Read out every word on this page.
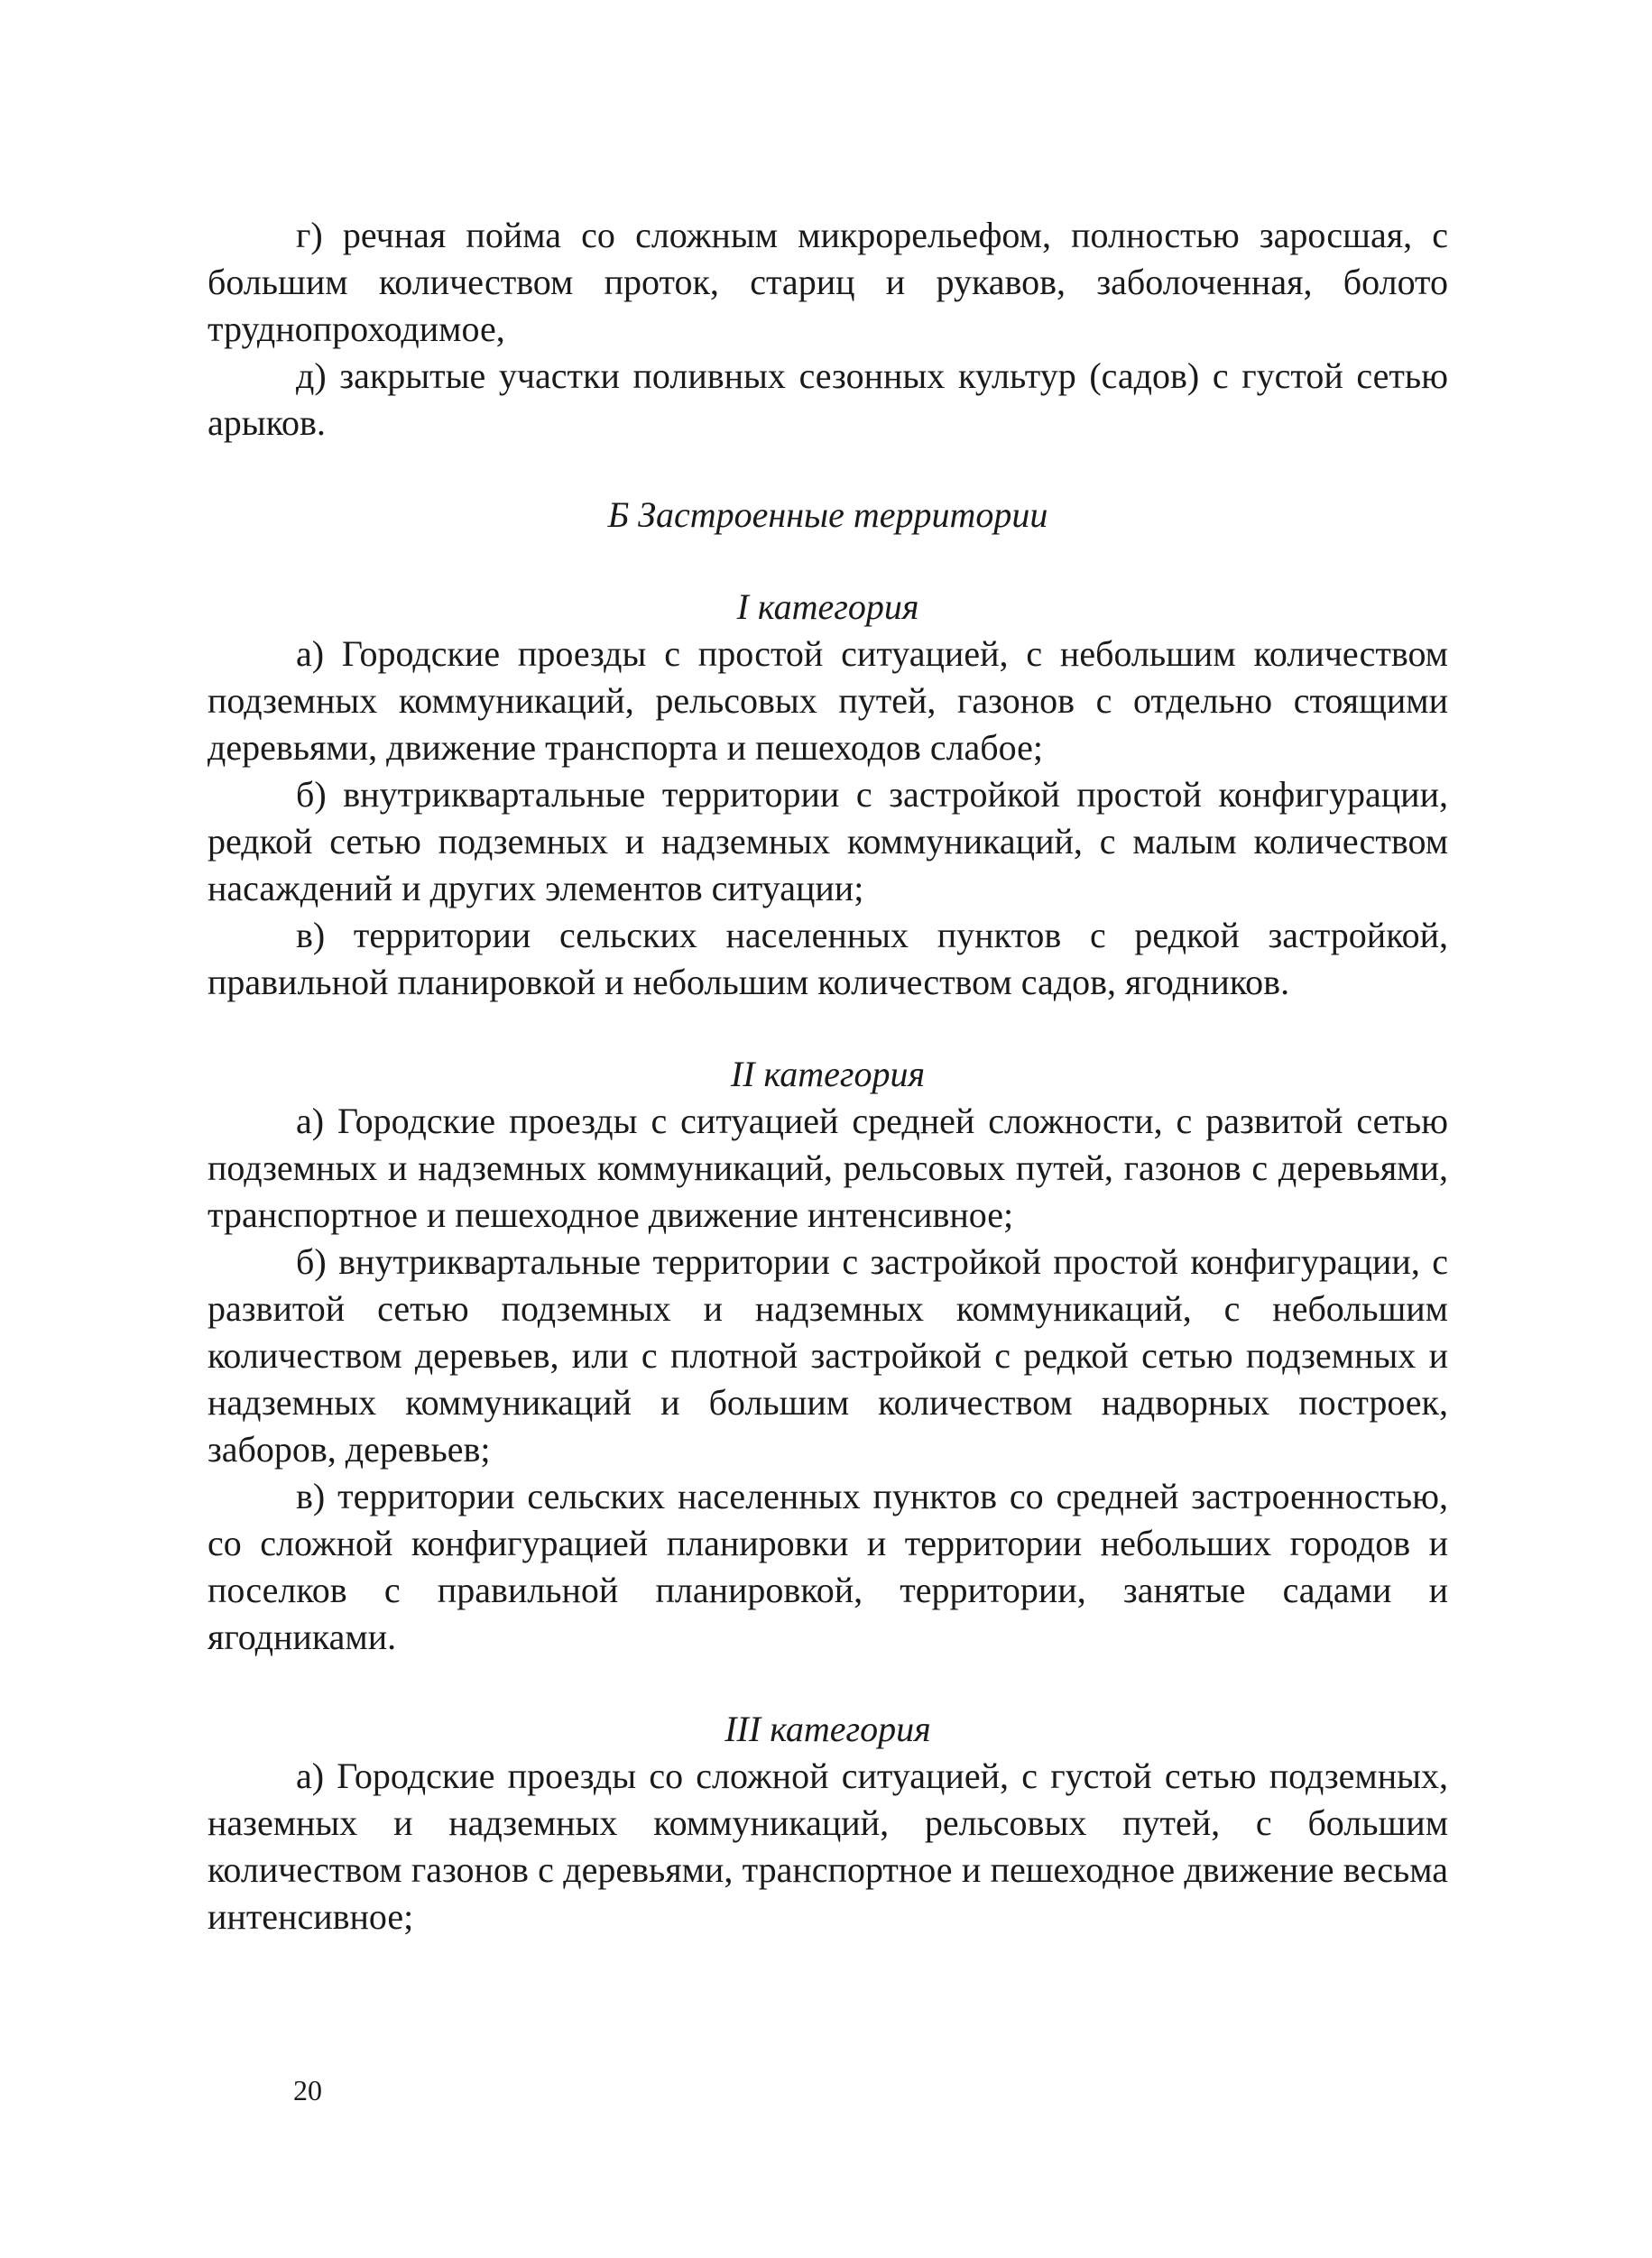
г) речная пойма со сложным микрорельефом, полностью заросшая, с большим количеством проток, стариц и рукавов, заболоченная, болото труднопроходимое,

д) закрытые участки поливных сезонных культур (садов) с густой сетью арыков.

Б Застроенные территории

I категория

а) Городские проезды с простой ситуацией, с небольшим количеством подземных коммуникаций, рельсовых путей, газонов с отдельно стоящими деревьями, движение транспорта и пешеходов слабое;

б) внутриквартальные территории с застройкой простой конфигурации, редкой сетью подземных и надземных коммуникаций, с малым количеством насаждений и других элементов ситуации;

в) территории сельских населенных пунктов с редкой застройкой, правильной планировкой и небольшим количеством садов, ягодников.

II категория

а) Городские проезды с ситуацией средней сложности, с развитой сетью подземных и надземных коммуникаций, рельсовых путей, газонов с деревьями, транспортное и пешеходное движение интенсивное;

б) внутриквартальные территории с застройкой простой конфигурации, с развитой сетью подземных и надземных коммуникаций, с небольшим количеством деревьев, или с плотной застройкой с редкой сетью подземных и надземных коммуникаций и большим количеством надворных построек, заборов, деревьев;

в) территории сельских населенных пунктов со средней застроенностью, со сложной конфигурацией планировки и территории небольших городов и поселков с правильной планировкой, территории, занятые садами и ягодниками.

III категория

а) Городские проезды со сложной ситуацией, с густой сетью подземных, наземных и надземных коммуникаций, рельсовых путей, с большим количеством газонов с деревьями, транспортное и пешеходное движение весьма интенсивное;

20
